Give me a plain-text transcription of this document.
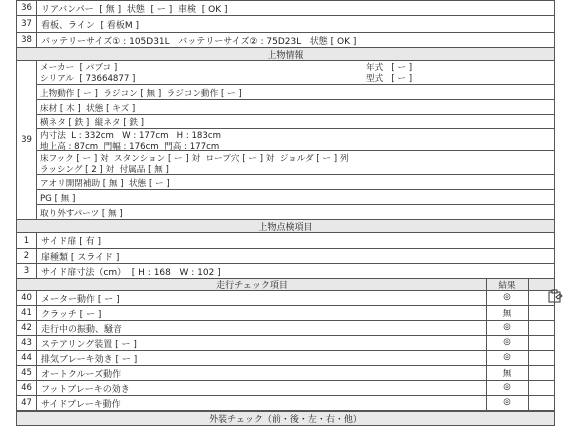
36	リアバンパー  [ 無 ]  状態  [ ー ]  車検  [ OK ]
37	看板、ライン  [ 看板M ]
38	バッテリーサイズ① : 105D31L   バッテリーサイズ② : 75D23L   状態 [ OK ]
上物情報
39
メーカー  [ パブコ ]	年式   [ ー ]
シリアル  [ 73664877 ]	型式   [ ー ]
上物動作 [ ー ]  ラジコン [ 無 ]  ラジコン動作 [ ー ]
床材 [ 木 ]  状態 [ キズ ]
横ネタ [ 鉄 ]  縦ネタ [ 鉄 ]
内寸法  L : 332cm   W : 177cm   H : 183cm
地上高 : 87cm  門幅 : 176cm  門高 : 177cm
床フック [ ー ] 対  スタンション [ ー ] 対  ロープ穴 [ ー ] 対  ジョルダ [ ー ] 列
ラッシング [ 2 ] 対  付属品 [ 無 ]
アオリ開閉補助 [ 無 ]  状態 [ ー ]
PG [ 無 ]
取り外すパーツ [ 無 ]
上物点検項目
1	サイド扉 [ 有 ]
2	扉種類 [ スライド ]
3	サイド扉寸法（cm）  [ H : 168   W : 102 ]
走行チェック項目	結果

40	メーター動作 [ ー ]	◎
41	クラッチ [ ー ]	無
42	走行中の振動、騒音	◎
43	ステアリング装置 [ ー ]	◎
44	排気ブレーキ効き [ ー ]	◎
45	オートクルーズ動作	無
46	フットブレーキの効き	◎
47	サイドブレーキ動作	◎
外装チェック（前・後・左・右・他）
